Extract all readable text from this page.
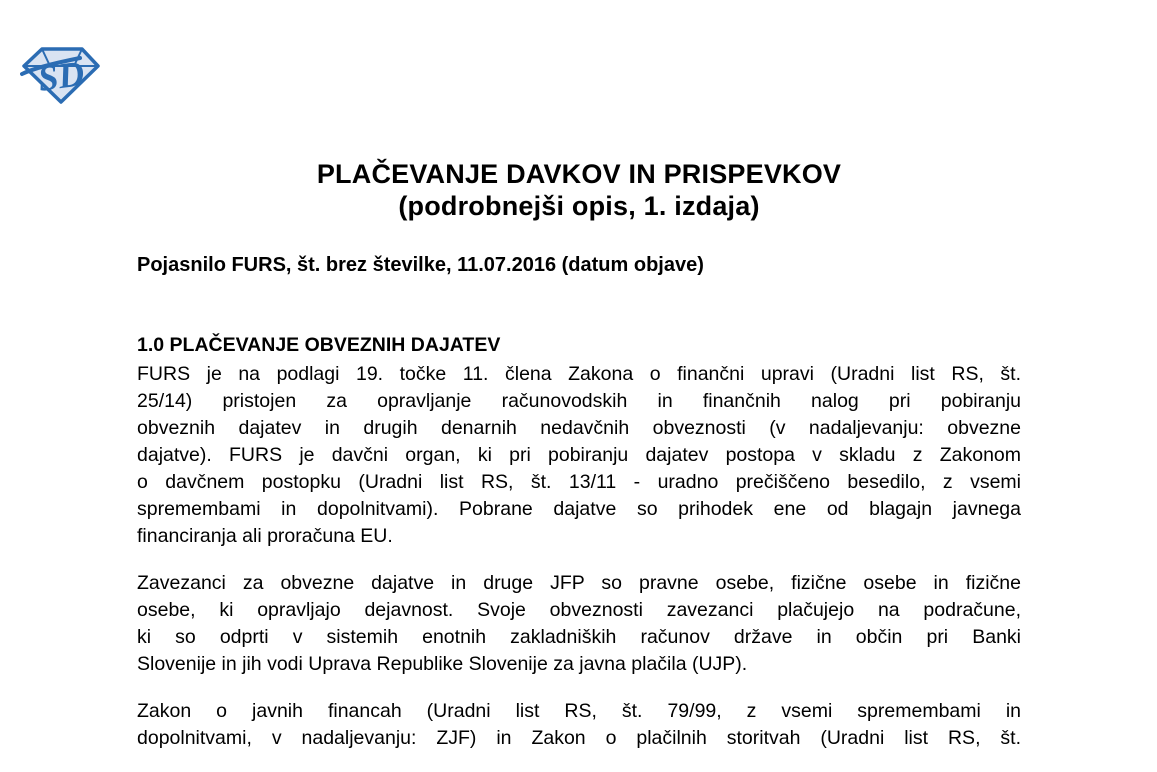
SD
PLAČEVANJE DAVKOV IN PRISPEVKOV
(podrobnejši opis, 1. izdaja)
Pojasnilo FURS, št. brez številke, 11.07.2016 (datum objave)
1.0 PLAČEVANJE OBVEZNIH DAJATEV
FURS je na podlagi 19. točke 11. člena Zakona o finančni upravi (Uradni list RS, št.
25/14) pristojen za opravljanje računovodskih in finančnih nalog pri pobiranju
obveznih dajatev in drugih denarnih nedavčnih obveznosti (v nadaljevanju: obvezne
dajatve). FURS je davčni organ, ki pri pobiranju dajatev postopa v skladu z Zakonom
o davčnem postopku (Uradni list RS, št. 13/11 - uradno prečiščeno besedilo, z vsemi
spremembami in dopolnitvami). Pobrane dajatve so prihodek ene od blagajn javnega
financiranja ali proračuna EU.
Zavezanci za obvezne dajatve in druge JFP so pravne osebe, fizične osebe in fizične
osebe, ki opravljajo dejavnost. Svoje obveznosti zavezanci plačujejo na podračune,
ki so odprti v sistemih enotnih zakladniških računov države in občin pri Banki
Slovenije in jih vodi Uprava Republike Slovenije za javna plačila (UJP).
Zakon o javnih financah (Uradni list RS, št. 79/99, z vsemi spremembami in
dopolnitvami, v nadaljevanju: ZJF) in Zakon o plačilnih storitvah (Uradni list RS, št.
